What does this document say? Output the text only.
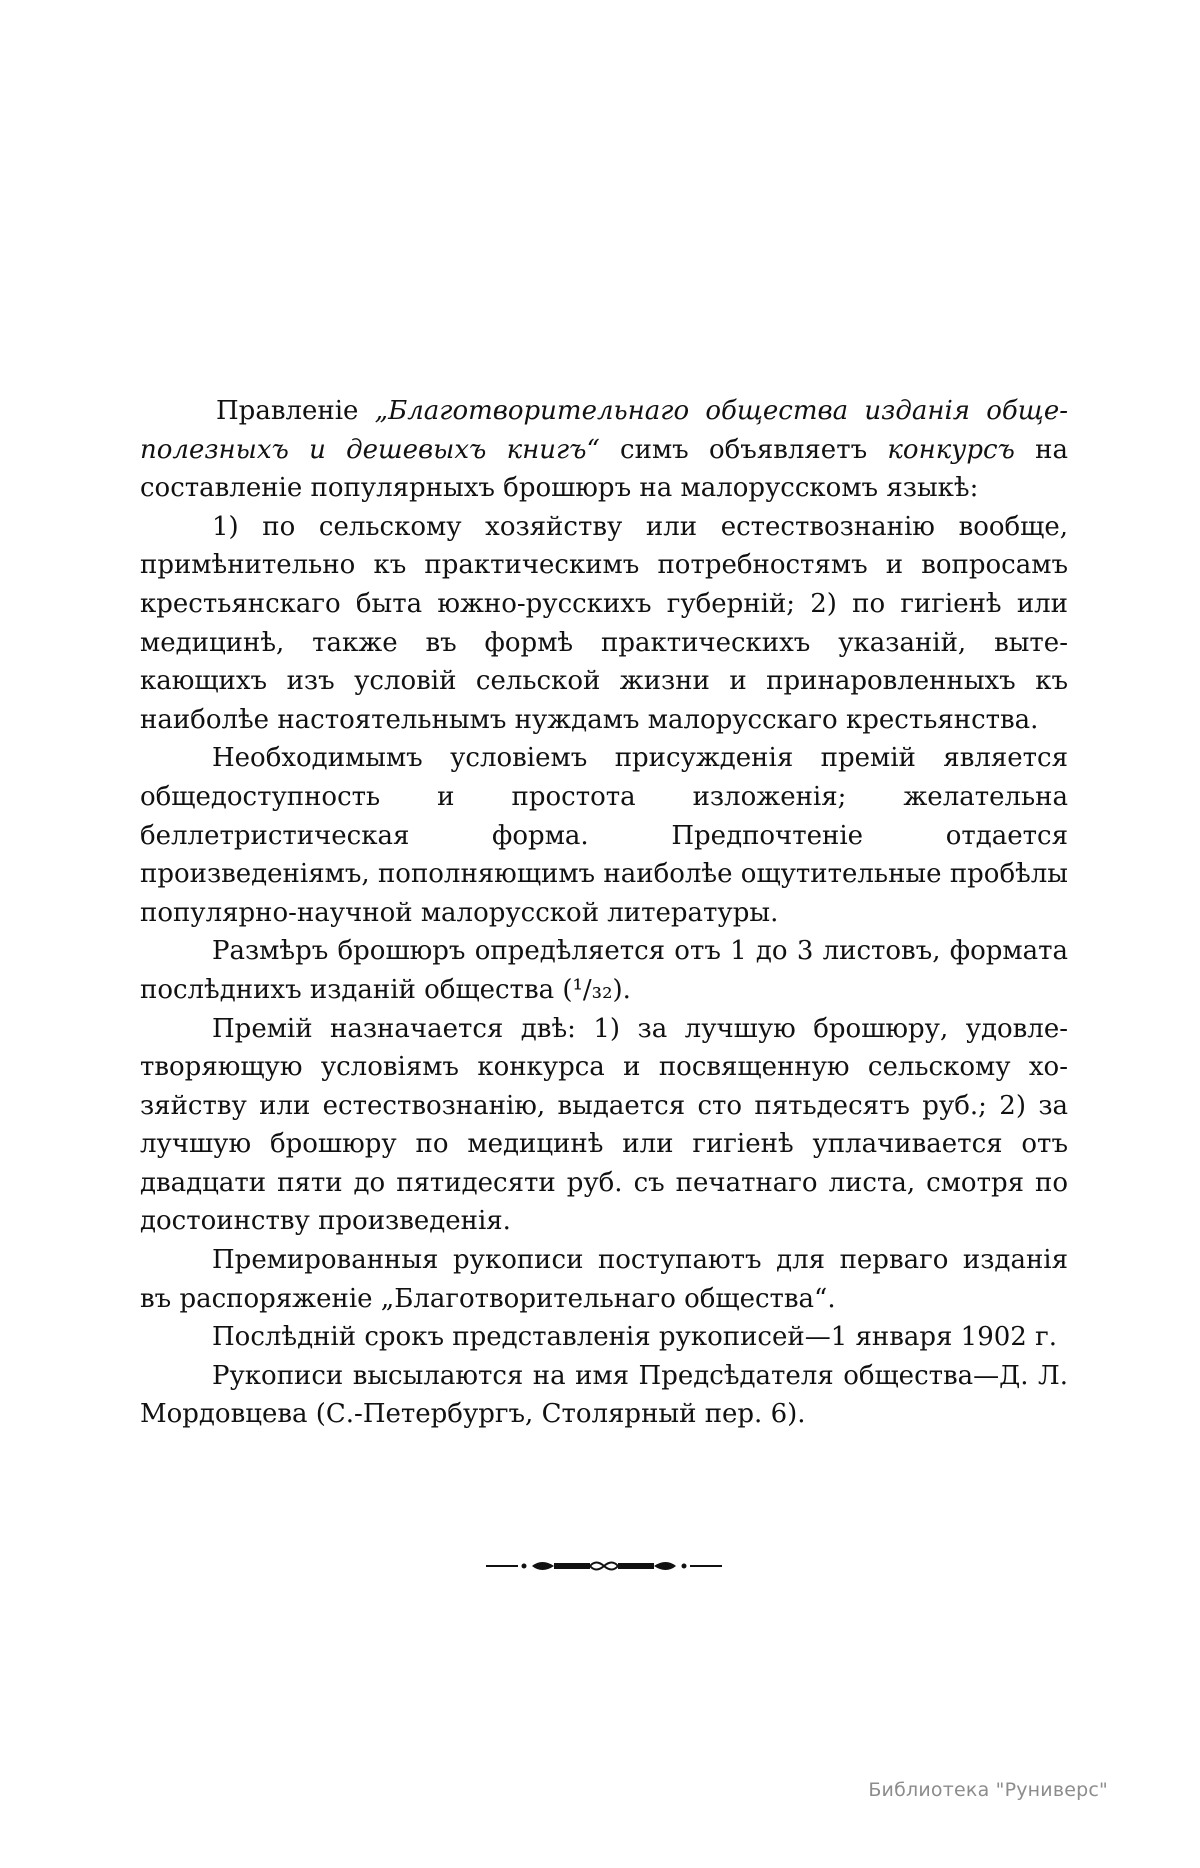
Правленіе „Благотворительнаго общества изданія общеполезныхъ и дешевыхъ книгъ“ симъ объявляетъ конкурсъ на составленіе популярныхъ брошюръ на малорусскомъ языкѣ:

1) по сельскому хозяйству или естествознанію вообще, примѣнительно къ практическимъ потребностямъ и вопросамъ крестьянскаго быта южно-русскихъ губерній; 2) по гигіенѣ или медицинѣ, также въ формѣ практическихъ указаній, вытекающихъ изъ условій сельской жизни и принаровленныхъ къ наиболѣе настоятельнымъ нуждамъ малорусскаго крестьянства.

Необходимымъ условіемъ присужденія премій является общедоступность и простота изложенія; желательна беллетристическая форма. Предпочтеніе отдается произведеніямъ, пополняющимъ наиболѣе ощутительные пробѣлы популярно-научной малорусской литературы.

Размѣръ брошюръ опредѣляется отъ 1 до 3 листовъ, формата послѣднихъ изданій общества (¹/₃₂).

Премій назначается двѣ: 1) за лучшую брошюру, удовлетворяющую условіямъ конкурса и посвященную сельскому хозяйству или естествознанію, выдается сто пятьдесятъ руб.; 2) за лучшую брошюру по медицинѣ или гигіенѣ уплачивается отъ двадцати пяти до пятидесяти руб. съ печатнаго листа, смотря по достоинству произведенія.

Премированныя рукописи поступаютъ для перваго изданія въ распоряженіе „Благотворительнаго общества“.

Послѣдній срокъ представленія рукописей—1 января 1902 г.

Рукописи высылаются на имя Предсѣдателя общества—Д. Л. Мордовцева (С.-Петербургъ, Столярный пер. 6).

Библиотека "Руниверс"
